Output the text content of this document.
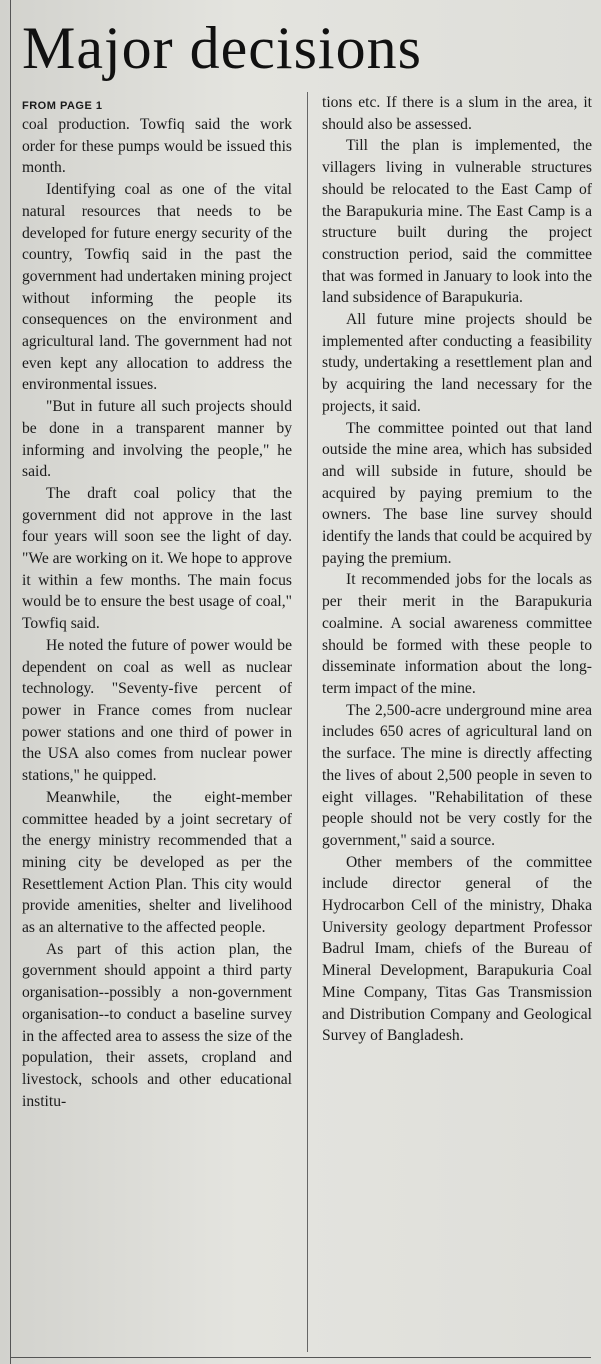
Major decisions
FROM PAGE 1

coal production. Towfiq said the work order for these pumps would be issued this month.

Identifying coal as one of the vital natural resources that needs to be developed for future energy security of the country, Towfiq said in the past the government had undertaken mining project without informing the people its consequences on the environment and agricultural land. The government had not even kept any allocation to address the environmental issues.

"But in future all such projects should be done in a transparent manner by informing and involving the people," he said.

The draft coal policy that the government did not approve in the last four years will soon see the light of day. "We are working on it. We hope to approve it within a few months. The main focus would be to ensure the best usage of coal," Towfiq said.

He noted the future of power would be dependent on coal as well as nuclear technology. "Seventy-five percent of power in France comes from nuclear power stations and one third of power in the USA also comes from nuclear power stations," he quipped.

Meanwhile, the eight-member committee headed by a joint secretary of the energy ministry recommended that a mining city be developed as per the Resettlement Action Plan. This city would provide amenities, shelter and livelihood as an alternative to the affected people.

As part of this action plan, the government should appoint a third party organisation--possibly a non-government organisation--to conduct a baseline survey in the affected area to assess the size of the population, their assets, cropland and livestock, schools and other educational institu-

tions etc. If there is a slum in the area, it should also be assessed.

Till the plan is implemented, the villagers living in vulnerable structures should be relocated to the East Camp of the Barapukuria mine. The East Camp is a structure built during the project construction period, said the committee that was formed in January to look into the land subsidence of Barapukuria.

All future mine projects should be implemented after conducting a feasibility study, undertaking a resettlement plan and by acquiring the land necessary for the projects, it said.

The committee pointed out that land outside the mine area, which has subsided and will subside in future, should be acquired by paying premium to the owners. The base line survey should identify the lands that could be acquired by paying the premium.

It recommended jobs for the locals as per their merit in the Barapukuria coalmine. A social awareness committee should be formed with these people to disseminate information about the long-term impact of the mine.

The 2,500-acre underground mine area includes 650 acres of agricultural land on the surface. The mine is directly affecting the lives of about 2,500 people in seven to eight villages. "Rehabilitation of these people should not be very costly for the government," said a source.

Other members of the committee include director general of the Hydrocarbon Cell of the ministry, Dhaka University geology department Professor Badrul Imam, chiefs of the Bureau of Mineral Development, Barapukuria Coal Mine Company, Titas Gas Transmission and Distribution Company and Geological Survey of Bangladesh.
